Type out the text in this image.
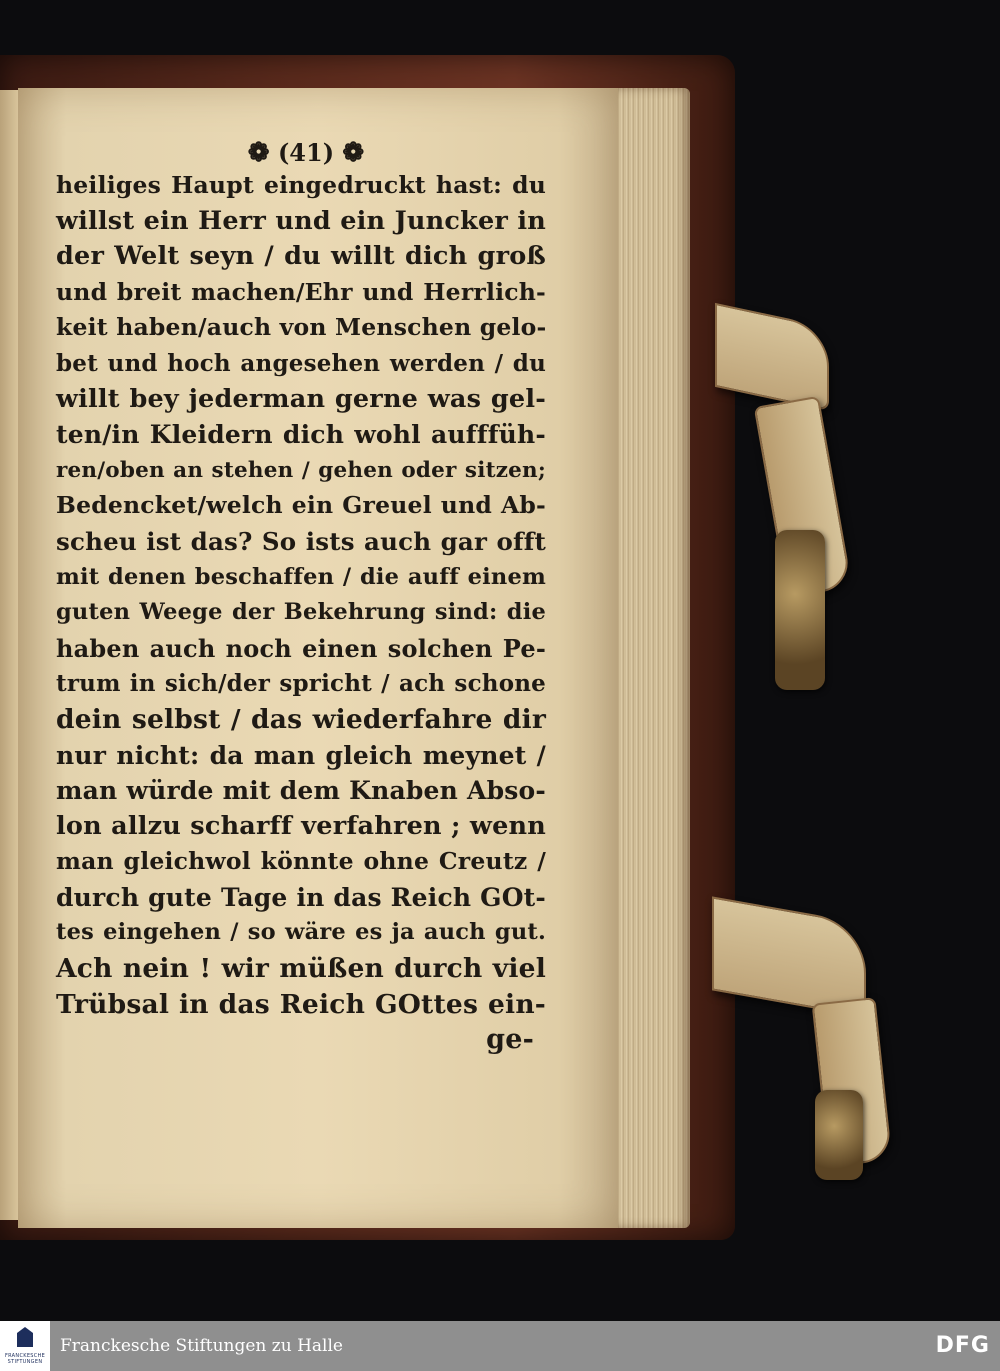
❁ (41) ❁
heiliges Haupt eingedruckt hast: du
willst ein Herr und ein Juncker in
der Welt seyn / du willt dich groß
und breit machen/Ehr und Herrlich-
keit haben/auch von Menschen gelo-
bet und hoch angesehen werden / du
willt bey jederman gerne was gel-
ten/in Kleidern dich wohl aufffüh-
ren/oben an stehen / gehen oder sitzen;
Bedencket/welch ein Greuel und Ab-
scheu ist das? So ists auch gar offt
mit denen beschaffen / die auff einem
guten Weege der Bekehrung sind: die
haben auch noch einen solchen Pe-
trum in sich/der spricht / ach schone
dein selbst / das wiederfahre dir
nur nicht: da man gleich meynet /
man würde mit dem Knaben Abso-
lon allzu scharff verfahren ; wenn
man gleichwol könnte ohne Creutz /
durch gute Tage in das Reich GOt-
tes eingehen / so wäre es ja auch gut.
Ach nein ! wir müßen durch viel
Trübsal in das Reich GOttes ein-
ge-
FRANCKESCHE
STIFTUNGEN
Franckesche Stiftungen zu Halle	DFG
